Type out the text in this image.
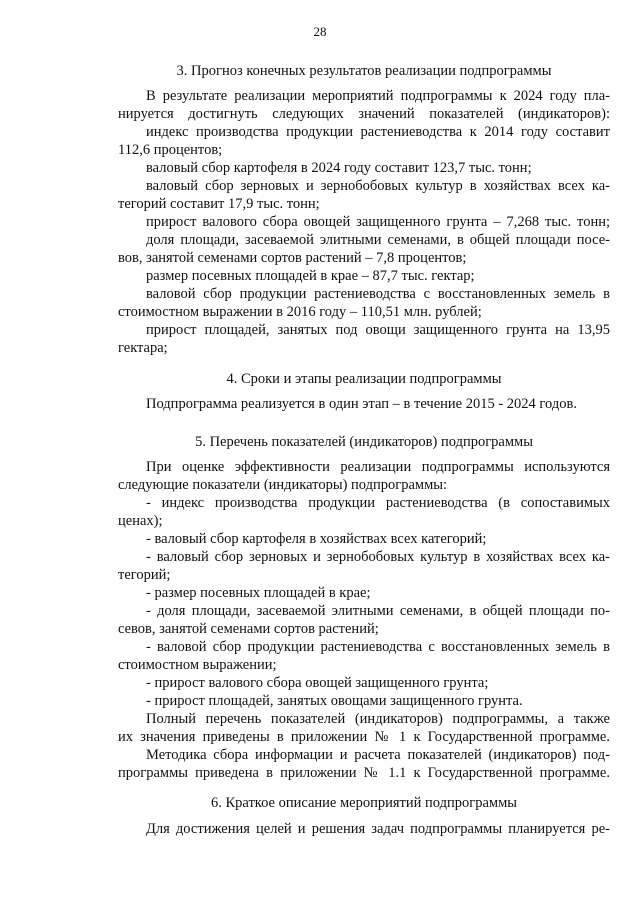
28
3. Прогноз конечных результатов реализации подпрограммы
В результате реализации мероприятий подпрограммы к 2024 году пла-
нируется достигнуть следующих значений показателей (индикаторов):
индекс производства продукции растениеводства к 2014 году составит
112,6 процентов;
валовый сбор картофеля в 2024 году составит 123,7 тыс. тонн;
валовый сбор зерновых и зернобобовых культур в хозяйствах всех ка-
тегорий составит 17,9 тыс. тонн;
прирост валового сбора овощей защищенного грунта – 7,268 тыс. тонн;
доля площади, засеваемой элитными семенами, в общей площади посе-
вов, занятой семенами сортов растений – 7,8 процентов;
размер посевных площадей в крае – 87,7 тыс. гектар;
валовой сбор продукции растениеводства с восстановленных земель в
стоимостном выражении в 2016 году – 110,51 млн. рублей;
прирост площадей, занятых под овощи защищенного грунта на 13,95
гектара;
4. Сроки и этапы реализации подпрограммы
Подпрограмма реализуется в один этап – в течение 2015 - 2024 годов.
5. Перечень показателей (индикаторов) подпрограммы
При оценке эффективности реализации подпрограммы используются
следующие показатели (индикаторы) подпрограммы:
- индекс производства продукции растениеводства (в сопоставимых
ценах);
- валовый сбор картофеля в хозяйствах всех категорий;
- валовый сбор зерновых и зернобобовых культур в хозяйствах всех ка-
тегорий;
- размер посевных площадей в крае;
- доля площади, засеваемой элитными семенами, в общей площади по-
севов, занятой семенами сортов растений;
- валовой сбор продукции растениеводства с восстановленных земель в
стоимостном выражении;
- прирост валового сбора овощей защищенного грунта;
- прирост площадей, занятых овощами защищенного грунта.
Полный перечень показателей (индикаторов) подпрограммы, а также
их значения приведены в приложении № 1 к Государственной программе.
Методика сбора информации и расчета показателей (индикаторов) под-
программы приведена в приложении № 1.1 к Государственной программе.
6. Краткое описание мероприятий подпрограммы
Для достижения целей и решения задач подпрограммы планируется ре-
